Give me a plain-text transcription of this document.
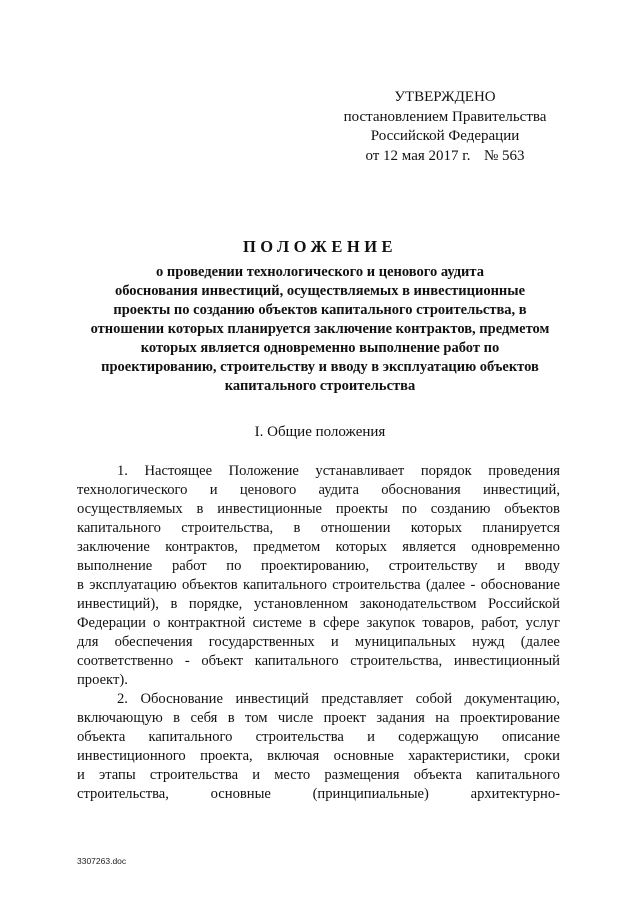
УТВЕРЖДЕНО
постановлением Правительства
Российской Федерации
от 12 мая 2017 г. № 563
ПОЛОЖЕНИЕ
о проведении технологического и ценового аудита
обоснования инвестиций, осуществляемых в инвестиционные
проекты по созданию объектов капитального строительства, в
отношении которых планируется заключение контрактов, предметом
которых является одновременно выполнение работ по
проектированию, строительству и вводу в эксплуатацию объектов
капитального строительства
I. Общие положения
1. Настоящее Положение устанавливает порядок проведения
технологического и ценового аудита обоснования инвестиций,
осуществляемых в инвестиционные проекты по созданию объектов
капитального строительства, в отношении которых планируется
заключение контрактов, предметом которых является одновременно
выполнение работ по проектированию, строительству и вводу
в эксплуатацию объектов капитального строительства (далее - обоснование
инвестиций), в порядке, установленном законодательством Российской
Федерации о контрактной системе в сфере закупок товаров, работ, услуг
для обеспечения государственных и муниципальных нужд (далее
соответственно - объект капитального строительства, инвестиционный
проект).
2. Обоснование инвестиций представляет собой документацию,
включающую в себя в том числе проект задания на проектирование
объекта капитального строительства и содержащую описание
инвестиционного проекта, включая основные характеристики, сроки
и этапы строительства и место размещения объекта капитального
строительства,	основные	(принципиальные)	архитектурно-
3307263.doc
